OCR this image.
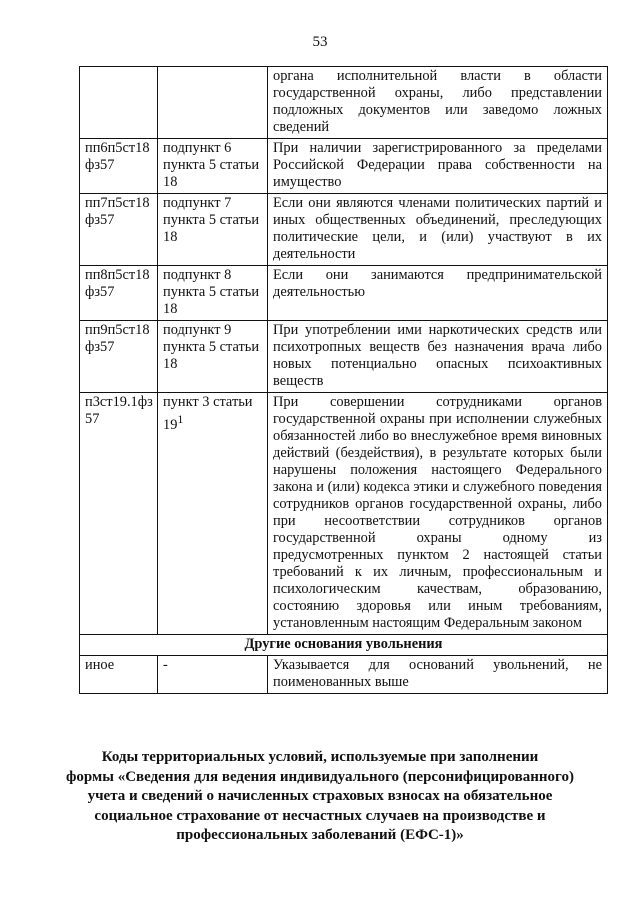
53
		органа исполнительной власти в области государственной охраны, либо представлении подложных документов или заведомо ложных сведений
пп6п5ст18 фз57	подпункт 6 пункта 5 статьи 18	При наличии зарегистрированного за пределами Российской Федерации права собственности на имущество
пп7п5ст18 фз57	подпункт 7 пункта 5 статьи 18	Если они являются членами политических партий и иных общественных объединений, преследующих политические цели, и (или) участвуют в их деятельности
пп8п5ст18 фз57	подпункт 8 пункта 5 статьи 18	Если они занимаются предпринимательской деятельностью
пп9п5ст18 фз57	подпункт 9 пункта 5 статьи 18	При употреблении ими наркотических средств или психотропных веществ без назначения врача либо новых потенциально опасных психоактивных веществ
п3ст19.1фз 57	пункт 3 статьи $19^1$	При совершении сотрудниками органов государственной охраны при исполнении служебных обязанностей либо во внеслужебное время виновных действий (бездействия), в результате которых были нарушены положения настоящего Федерального закона и (или) кодекса этики и служебного поведения сотрудников органов государственной охраны, либо при несоответствии сотрудников органов государственной охраны одному из предусмотренных пунктом 2 настоящей статьи требований к их личным, профессиональным и психологическим качествам, образованию, состоянию здоровья или иным требованиям, установленным настоящим Федеральным законом
Другие основания увольнения		
иное	-	Указывается для оснований увольнений, не поименованных выше
Коды территориальных условий, используемые при заполнении
формы «Сведения для ведения индивидуального (персонифицированного)
учета и сведений о начисленных страховых взносах на обязательное
социальное страхование от несчастных случаев на производстве и
профессиональных заболеваний (ЕФС-1)»
